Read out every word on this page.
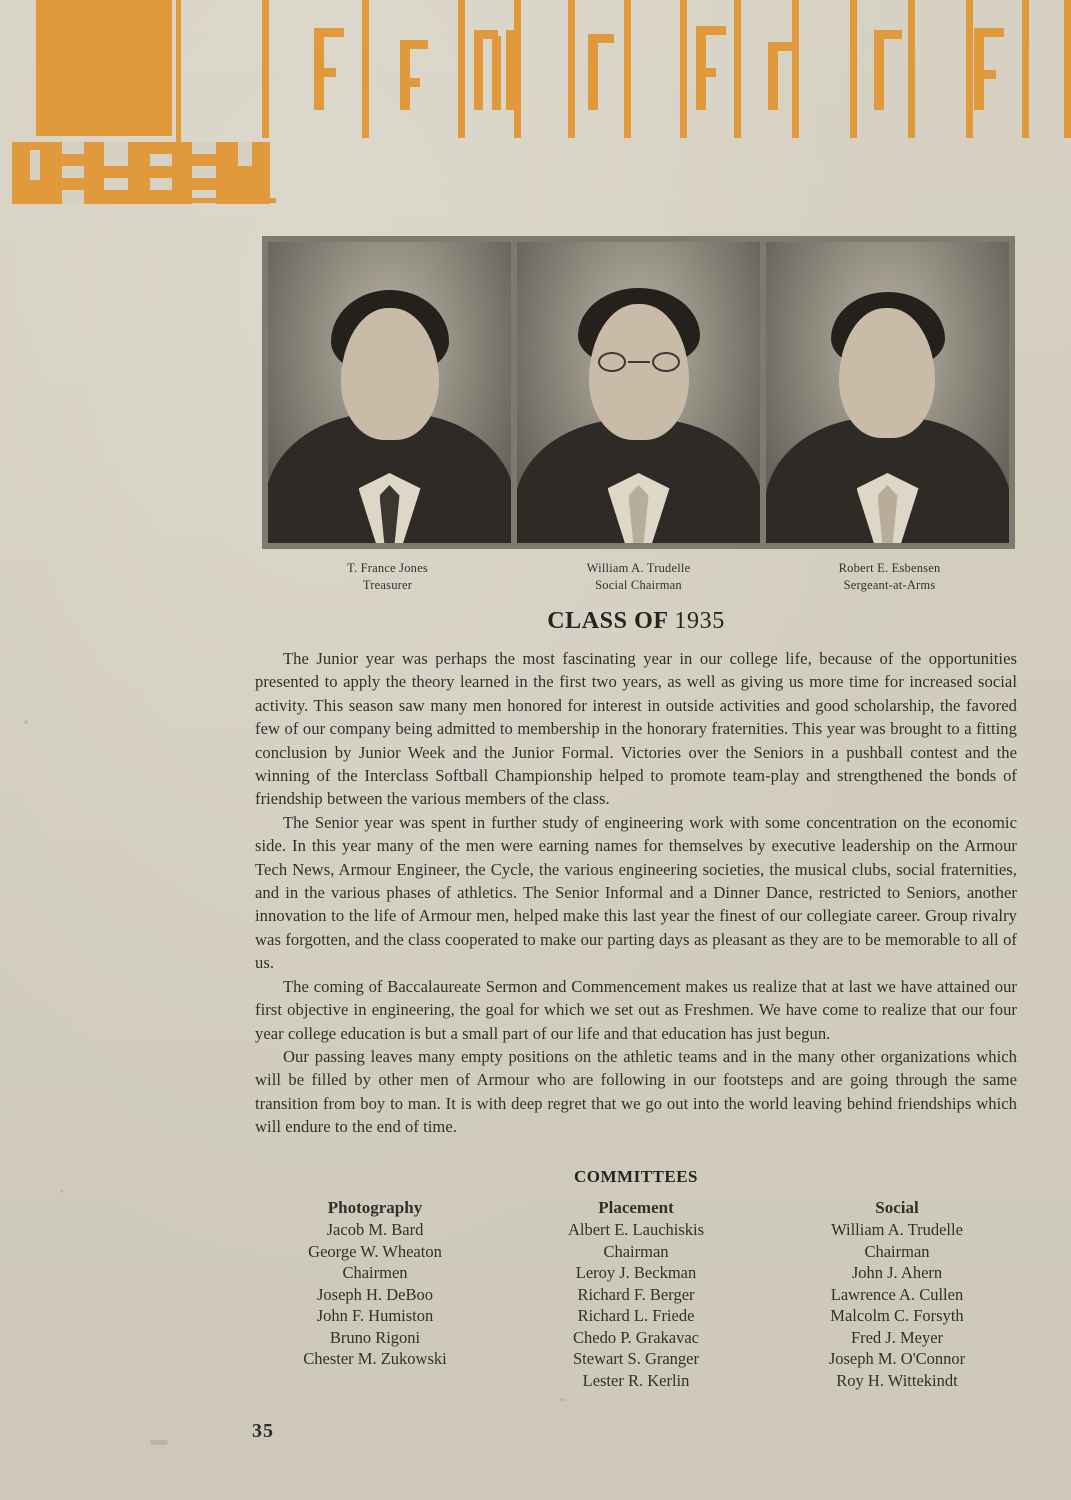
T. France Jones
Treasurer
William A. Trudelle
Social Chairman
Robert E. Esbensen
Sergeant-at-Arms
CLASS OF 1935

The Junior year was perhaps the most fascinating year in our college life, because of the opportunities presented to apply the theory learned in the first two years, as well as giving us more time for increased social activity. This season saw many men honored for interest in outside activities and good scholarship, the favored few of our company being admitted to membership in the honorary fraternities. This year was brought to a fitting conclusion by Junior Week and the Junior Formal. Victories over the Seniors in a pushball contest and the winning of the Interclass Softball Championship helped to promote team-play and strengthened the bonds of friendship between the various members of the class.

The Senior year was spent in further study of engineering work with some concentration on the economic side. In this year many of the men were earning names for themselves by executive leadership on the Armour Tech News, Armour Engineer, the Cycle, the various engineering societies, the musical clubs, social fraternities, and in the various phases of athletics. The Senior Informal and a Dinner Dance, restricted to Seniors, another innovation to the life of Armour men, helped make this last year the finest of our collegiate career. Group rivalry was forgotten, and the class cooperated to make our parting days as pleasant as they are to be memorable to all of us.

The coming of Baccalaureate Sermon and Commencement makes us realize that at last we have attained our first objective in engineering, the goal for which we set out as Freshmen. We have come to realize that our four year college education is but a small part of our life and that education has just begun.

Our passing leaves many empty positions on the athletic teams and in the many other organizations which will be filled by other men of Armour who are following in our footsteps and are going through the same transition from boy to man. It is with deep regret that we go out into the world leaving behind friendships which will endure to the end of time.

COMMITTEES
Photography
Jacob M. Bard
George W. Wheaton
Chairmen
Joseph H. DeBoo
John F. Humiston
Bruno Rigoni
Chester M. Zukowski
Placement
Albert E. Lauchiskis
Chairman
Leroy J. Beckman
Richard F. Berger
Richard L. Friede
Chedo P. Grakavac
Stewart S. Granger
Lester R. Kerlin
Social
William A. Trudelle
Chairman
John J. Ahern
Lawrence A. Cullen
Malcolm C. Forsyth
Fred J. Meyer
Joseph M. O'Connor
Roy H. Wittekindt
35
